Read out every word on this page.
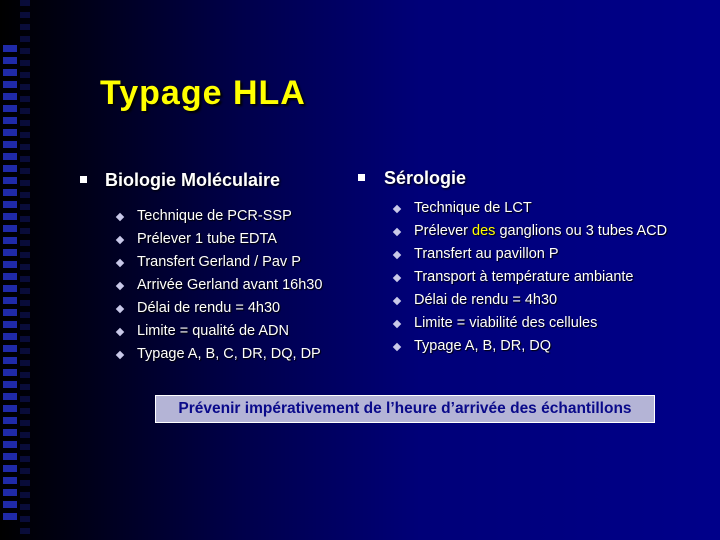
Typage HLA
Biologie Moléculaire
Technique de PCR-SSP
Prélever 1 tube EDTA
Transfert Gerland / Pav P
Arrivée Gerland avant 16h30
Délai de rendu = 4h30
Limite = qualité de ADN
Typage A, B, C, DR, DQ, DP
Sérologie
Technique de LCT
Prélever des ganglions ou 3 tubes ACD
Transfert au pavillon P
Transport à température ambiante
Délai de rendu = 4h30
Limite = viabilité des cellules
Typage A, B, DR, DQ
Prévenir impérativement de l’heure d’arrivée des échantillons
